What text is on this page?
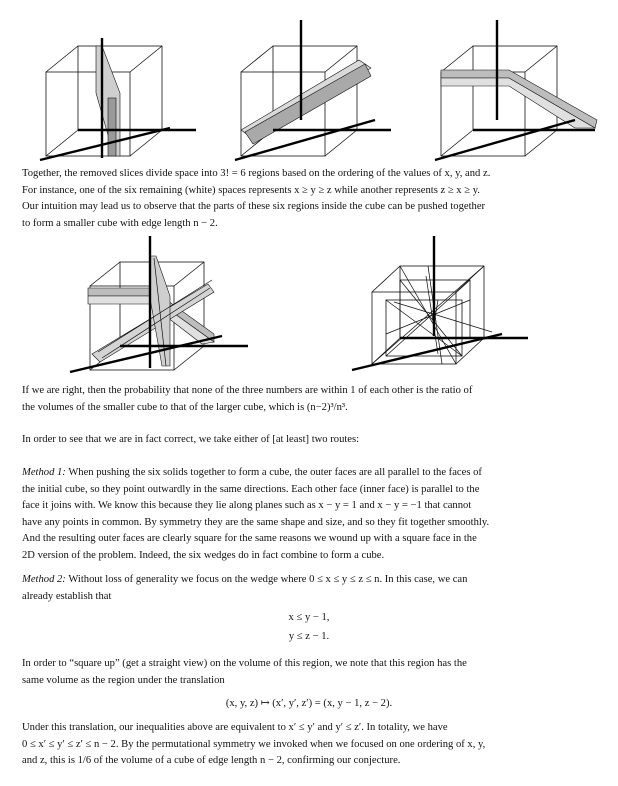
Together, the removed slices divide space into 3! = 6 regions based on the ordering of the values of x, y, and z.
For instance, one of the six remaining (white) spaces represents x ≥ y ≥ z while another represents z ≥ x ≥ y.
Our intuition may lead us to observe that the parts of these six regions inside the cube can be pushed together
to form a smaller cube with edge length n − 2.
If we are right, then the probability that none of the three numbers are within 1 of each other is the ratio of
the volumes of the smaller cube to that of the larger cube, which is (n−2)³/n³.
In order to see that we are in fact correct, we take either of [at least] two routes:
Method 1: When pushing the six solids together to form a cube, the outer faces are all parallel to the faces of
the initial cube, so they point outwardly in the same directions. Each other face (inner face) is parallel to the
face it joins with. We know this because they lie along planes such as x − y = 1 and x − y = −1 that cannot
have any points in common. By symmetry they are the same shape and size, and so they fit together smoothly.
And the resulting outer faces are clearly square for the same reasons we wound up with a square face in the
2D version of the problem. Indeed, the six wedges do in fact combine to form a cube.
Method 2: Without loss of generality we focus on the wedge where 0 ≤ x ≤ y ≤ z ≤ n. In this case, we can
already establish that
x ≤ y − 1,
y ≤ z − 1.
In order to “square up” (get a straight view) on the volume of this region, we note that this region has the
same volume as the region under the translation
(x, y, z) ↦ (x′, y′, z′) = (x, y − 1, z − 2).
Under this translation, our inequalities above are equivalent to x′ ≤ y′ and y′ ≤ z′. In totality, we have
0 ≤ x′ ≤ y′ ≤ z′ ≤ n − 2. By the permutational symmetry we invoked when we focused on one ordering of x, y,
and z, this is 1/6 of the volume of a cube of edge length n − 2, confirming our conjecture.
